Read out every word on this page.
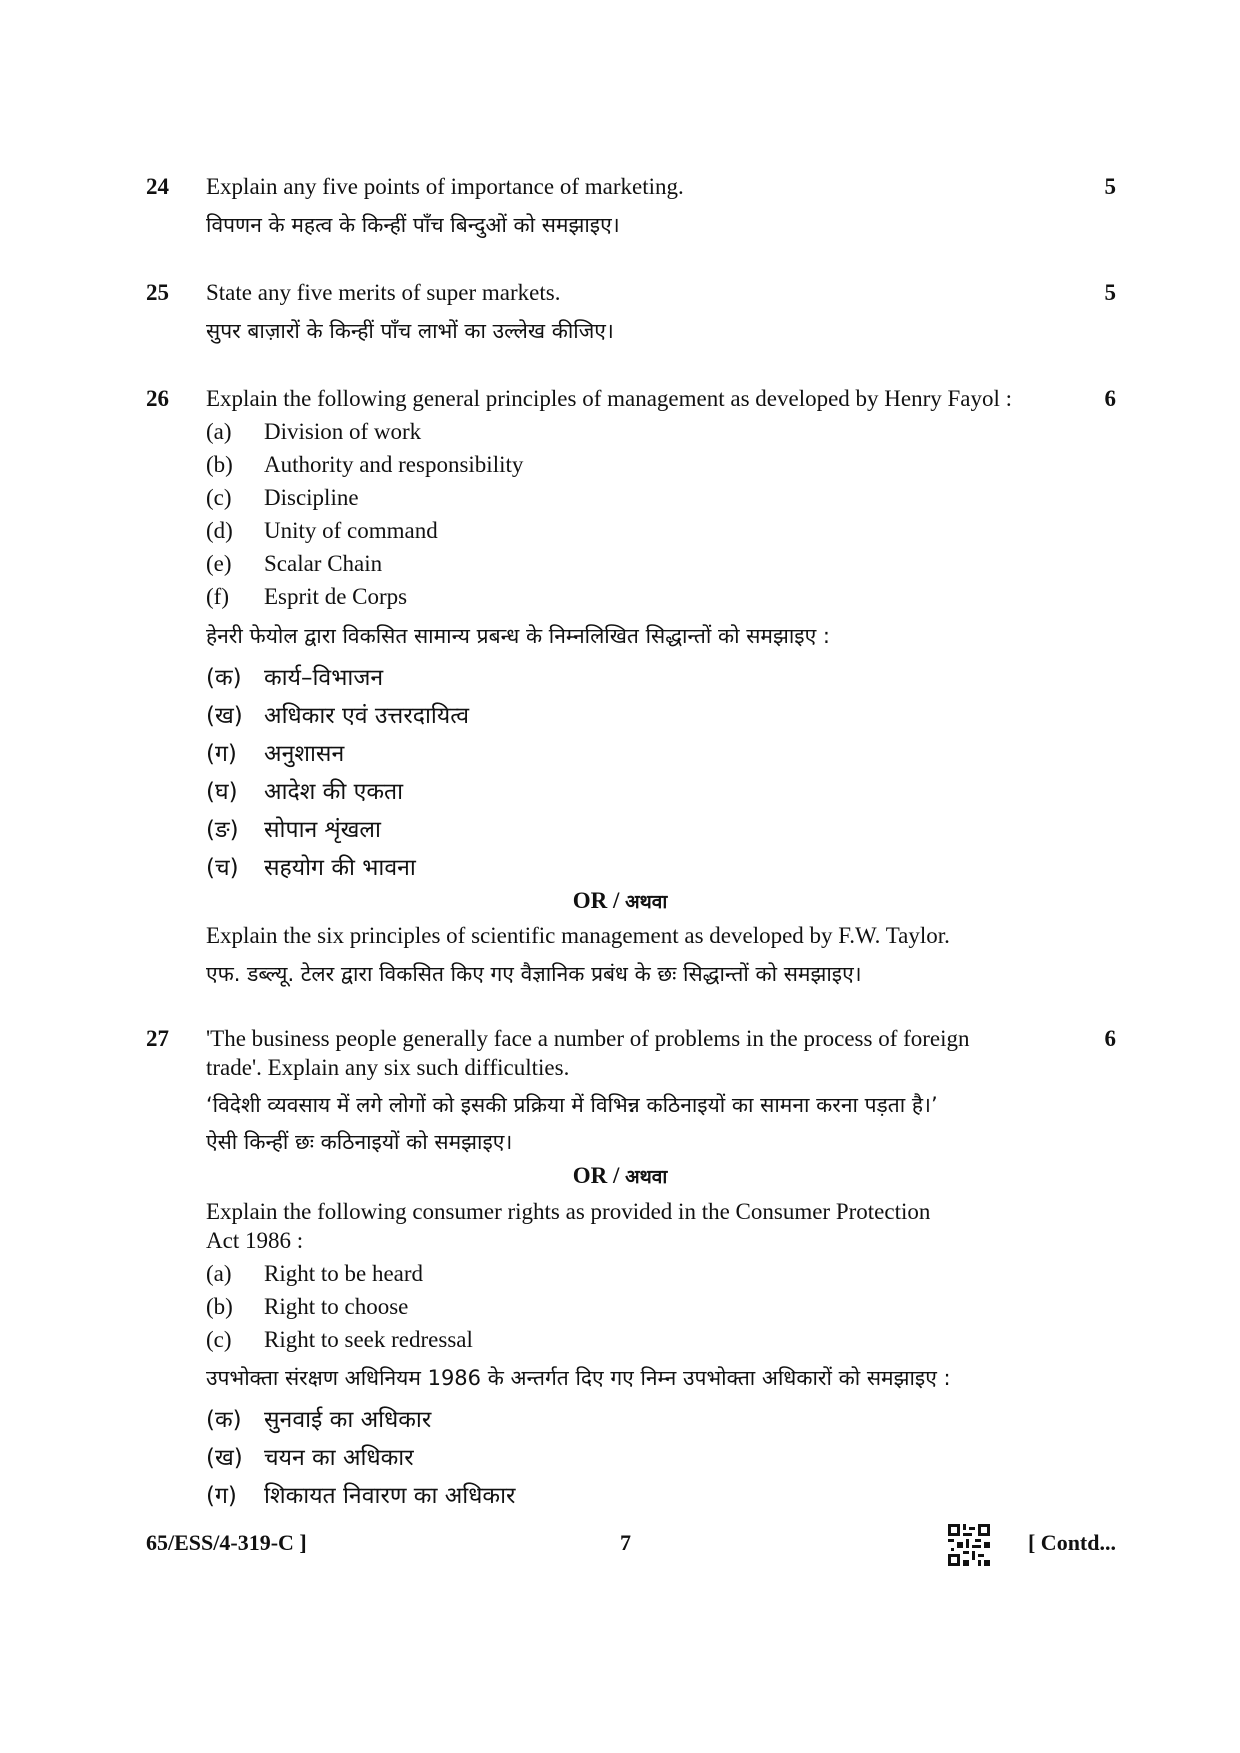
24	5
Explain any five points of importance of marketing.
विपणन के महत्व के किन्हीं पाँच बिन्दुओं को समझाइए।
25	5
State any five merits of super markets.
सुपर बाज़ारों के किन्हीं पाँच लाभों का उल्लेख कीजिए।
26	6
Explain the following general principles of management as developed by Henry Fayol :
(a) Division of work
(b) Authority and responsibility
(c) Discipline
(d) Unity of command
(e) Scalar Chain
(f) Esprit de Corps
हेनरी फेयोल द्वारा विकसित सामान्य प्रबन्ध के निम्नलिखित सिद्धान्तों को समझाइए :
(क) कार्य–विभाजन
(ख) अधिकार एवं उत्तरदायित्व
(ग) अनुशासन
(घ) आदेश की एकता
(ङ) सोपान शृंखला
(च) सहयोग की भावना
OR / अथवा
Explain the six principles of scientific management as developed by F.W. Taylor.
एफ. डब्ल्यू. टेलर द्वारा विकसित किए गए वैज्ञानिक प्रबंध के छः सिद्धान्तों को समझाइए।
27	6
'The business people generally face a number of problems in the process of foreign
trade'. Explain any six such difficulties.
‘विदेशी व्यवसाय में लगे लोगों को इसकी प्रक्रिया में विभिन्न कठिनाइयों का सामना करना पड़ता है।’
ऐसी किन्हीं छः कठिनाइयों को समझाइए।
OR / अथवा
Explain the following consumer rights as provided in the Consumer Protection
Act 1986 :
(a) Right to be heard
(b) Right to choose
(c) Right to seek redressal
उपभोक्ता संरक्षण अधिनियम 1986 के अन्तर्गत दिए गए निम्न उपभोक्ता अधिकारों को समझाइए :
(क) सुनवाई का अधिकार
(ख) चयन का अधिकार
(ग) शिकायत निवारण का अधिकार
65/ESS/4-319-C ]	7	[ Contd...
